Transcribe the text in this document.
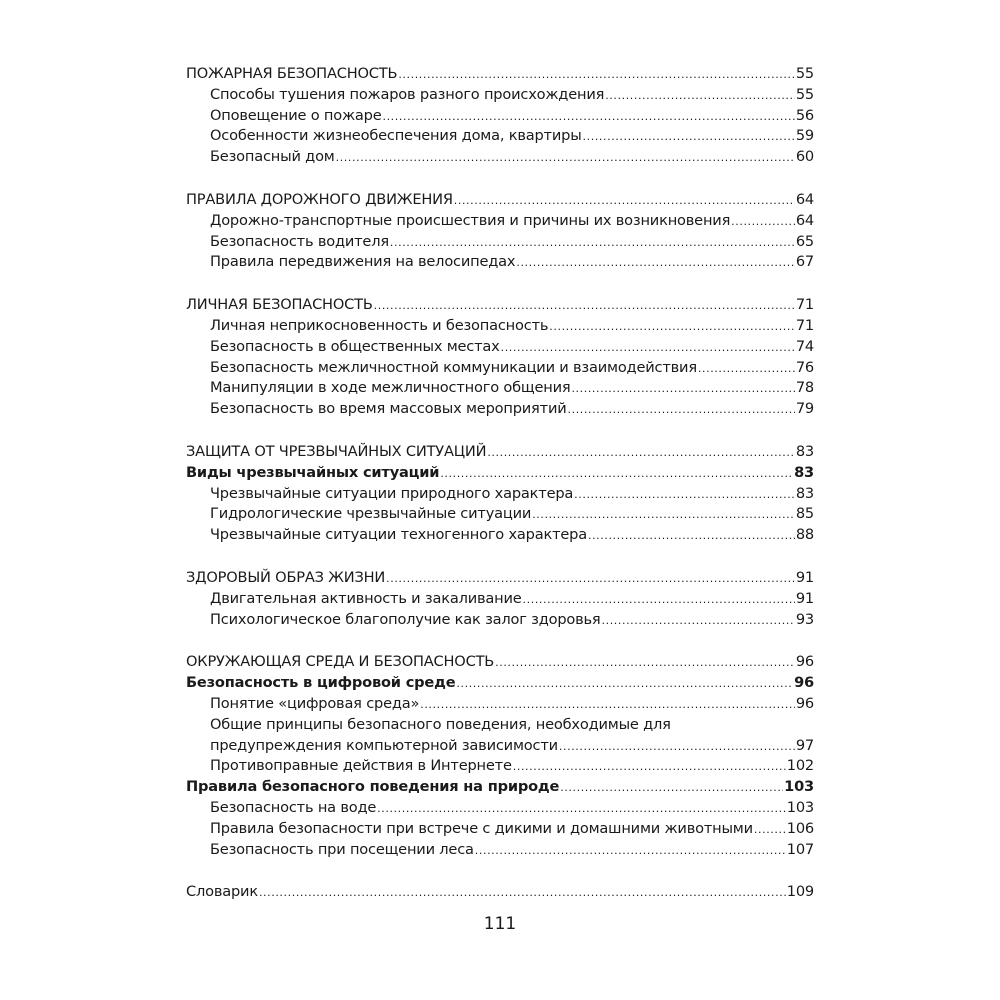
ПОЖАРНАЯ БЕЗОПАСНОСТЬ .....	55
Способы тушения пожаров разного происхождения .....	55
Оповещение о пожаре .....	56
Особенности жизнеобеспечения дома, квартиры .....	59
Безопасный дом .....	60
ПРАВИЛА ДОРОЖНОГО ДВИЖЕНИЯ .....	64
Дорожно-транспортные происшествия и причины их возникновения .....	64
Безопасность водителя .....	65
Правила передвижения на велосипедах .....	67
ЛИЧНАЯ БЕЗОПАСНОСТЬ .....	71
Личная неприкосновенность и безопасность .....	71
Безопасность в общественных местах .....	74
Безопасность межличностной коммуникации и взаимодействия .....	76
Манипуляции в ходе межличностного общения .....	78
Безопасность во время массовых мероприятий .....	79
ЗАЩИТА ОТ ЧРЕЗВЫЧАЙНЫХ СИТУАЦИЙ .....	83
Виды чрезвычайных ситуаций .....	83
Чрезвычайные ситуации природного характера .....	83
Гидрологические чрезвычайные ситуации .....	85
Чрезвычайные ситуации техногенного характера .....	88
ЗДОРОВЫЙ ОБРАЗ ЖИЗНИ .....	91
Двигательная активность и закаливание .....	91
Психологическое благополучие как залог здоровья .....	93
ОКРУЖАЮЩАЯ СРЕДА И БЕЗОПАСНОСТЬ .....	96
Безопасность в цифровой среде .....	96
Понятие «цифровая среда» .....	96
Общие принципы безопасного поведения, необходимые для
предупреждения компьютерной зависимости .....	97
Противоправные действия в Интернете .....	102
Правила безопасного поведения на природе .....	103
Безопасность на воде .....	103
Правила безопасности при встрече с дикими и домашними животными ..... 106
Безопасность при посещении леса .....	107
Словарик .....	109
111
